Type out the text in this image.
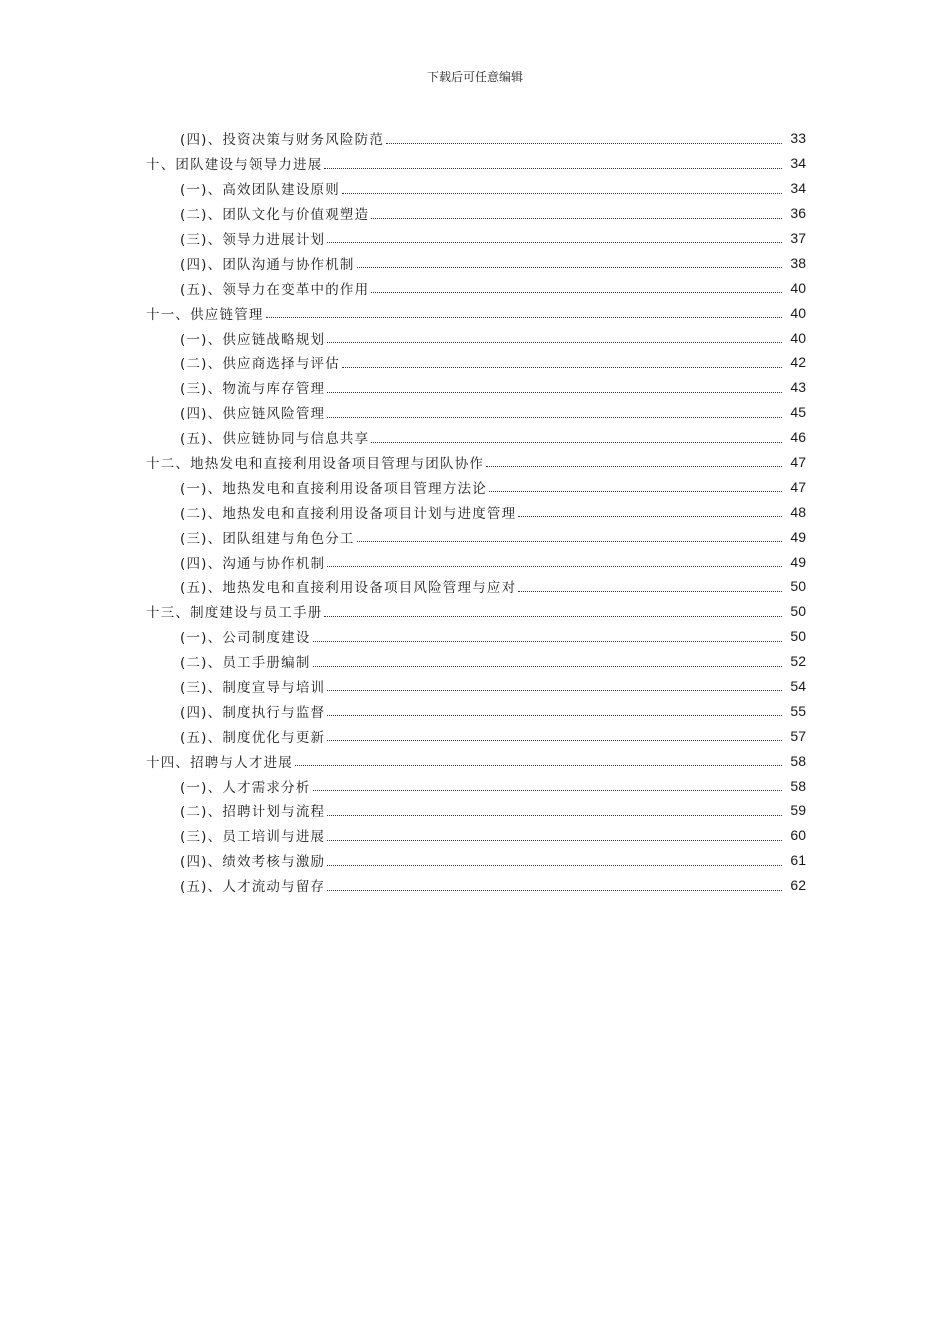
下载后可任意编辑
(四)、投资决策与财务风险防范	33
十、团队建设与领导力进展	34
(一)、高效团队建设原则	34
(二)、团队文化与价值观塑造	36
(三)、领导力进展计划	37
(四)、团队沟通与协作机制	38
(五)、领导力在变革中的作用	40
十一、供应链管理	40
(一)、供应链战略规划	40
(二)、供应商选择与评估	42
(三)、物流与库存管理	43
(四)、供应链风险管理	45
(五)、供应链协同与信息共享	46
十二、地热发电和直接利用设备项目管理与团队协作	47
(一)、地热发电和直接利用设备项目管理方法论	47
(二)、地热发电和直接利用设备项目计划与进度管理	48
(三)、团队组建与角色分工	49
(四)、沟通与协作机制	49
(五)、地热发电和直接利用设备项目风险管理与应对	50
十三、制度建设与员工手册	50
(一)、公司制度建设	50
(二)、员工手册编制	52
(三)、制度宣导与培训	54
(四)、制度执行与监督	55
(五)、制度优化与更新	57
十四、招聘与人才进展	58
(一)、人才需求分析	58
(二)、招聘计划与流程	59
(三)、员工培训与进展	60
(四)、绩效考核与激励	61
(五)、人才流动与留存	62
